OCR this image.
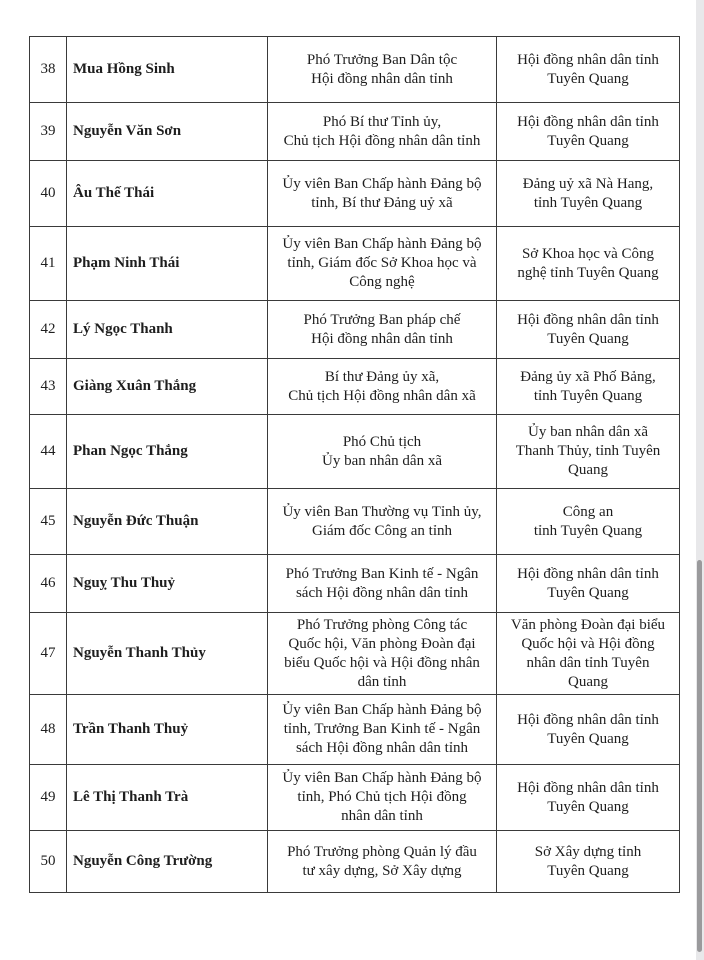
38	Mua Hồng Sinh	Phó Trưởng Ban Dân tộc
Hội đồng nhân dân tỉnh	Hội đồng nhân dân tỉnh
Tuyên Quang
39	Nguyễn Văn Sơn	Phó Bí thư Tỉnh ủy,
Chủ tịch Hội đồng nhân dân tỉnh	Hội đồng nhân dân tỉnh
Tuyên Quang
40	Âu Thế Thái	Ủy viên Ban Chấp hành Đảng bộ
tỉnh, Bí thư Đảng uỷ xã	Đảng uỷ xã Nà Hang,
tỉnh Tuyên Quang
41	Phạm Ninh Thái	Ủy viên Ban Chấp hành Đảng bộ
tỉnh, Giám đốc Sở Khoa học và
Công nghệ	Sở Khoa học và Công
nghệ tỉnh Tuyên Quang
42	Lý Ngọc Thanh	Phó Trưởng Ban pháp chế
Hội đồng nhân dân tỉnh	Hội đồng nhân dân tỉnh
Tuyên Quang
43	Giàng Xuân Thắng	Bí thư Đảng ủy xã,
Chủ tịch Hội đồng nhân dân xã	Đảng ủy xã Phố Bảng,
tỉnh Tuyên Quang
44	Phan Ngọc Thắng	Phó Chủ tịch
Ủy ban nhân dân xã	Ủy ban nhân dân xã
Thanh Thủy, tỉnh Tuyên
Quang
45	Nguyễn Đức Thuận	Ủy viên Ban Thường vụ Tỉnh ủy,
Giám đốc Công an tỉnh	Công an
tỉnh Tuyên Quang
46	Nguỵ Thu Thuỷ	Phó Trưởng Ban Kinh tế - Ngân
sách Hội đồng nhân dân tỉnh	Hội đồng nhân dân tỉnh
Tuyên Quang
47	Nguyễn Thanh Thủy	Phó Trưởng phòng Công tác
Quốc hội, Văn phòng Đoàn đại
biểu Quốc hội và Hội đồng nhân
dân tỉnh	Văn phòng Đoàn đại biểu
Quốc hội và Hội đồng
nhân dân tỉnh Tuyên
Quang
48	Trần Thanh Thuỷ	Ủy viên Ban Chấp hành Đảng bộ
tỉnh, Trưởng Ban Kinh tế - Ngân
sách Hội đồng nhân dân tỉnh	Hội đồng nhân dân tỉnh
Tuyên Quang
49	Lê Thị Thanh Trà	Ủy viên Ban Chấp hành Đảng bộ
tỉnh, Phó Chủ tịch Hội đồng
nhân dân tỉnh	Hội đồng nhân dân tỉnh
Tuyên Quang
50	Nguyễn Công Trường	Phó Trưởng phòng Quản lý đầu
tư xây dựng, Sở Xây dựng	Sở Xây dựng tỉnh
Tuyên Quang
